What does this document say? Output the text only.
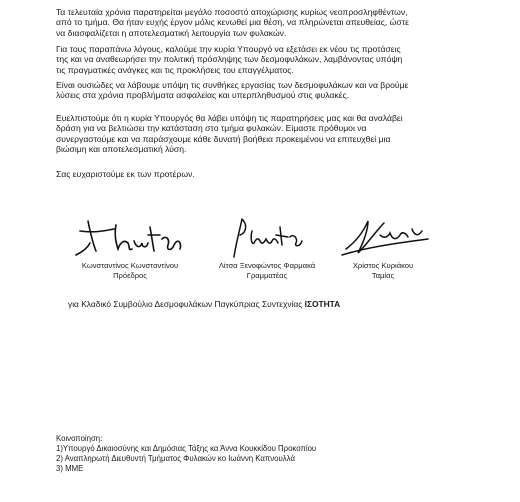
Τα τελευταία χρόνια παρατηρείται μεγάλο ποσοστό αποχώρισης κυρίως νεοπροσληφθέντων,
από το τμήμα. Θα ήταν ευχής έργον μόλις κενωθεί μια θέση, να πληρώνεται απευθείας, ώστε
να διασφαλίζεται η αποτελεσματική λειτουργία των φυλακών.

Για τους παραπάνω λόγους, καλούμε την κυρία Υπουργό να εξετάσει εκ νέου τις προτάσεις
της και να αναθεωρήσει την πολιτική πρόσληψης των δεσμοφυλάκων, λαμβάνοντας υπόψη
τις πραγματικές ανάγκες και τις προκλήσεις του επαγγέλματος.

Είναι ουσιώδες να λάβουμε υπόψη τις συνθήκες εργασίας των δεσμοφυλάκων και να βρούμε
λύσεις στα χρόνια προβλήματα ασφαλείας και υπερπληθυσμού στις φυλακές.

Ευελπιστούμε ότι η κυρία Υπουργός θα λάβει υπόψη τις παρατηρήσεις μας και θα αναλάβει
δράση για να βελτιώσει την κατάσταση στο τμήμα φυλακών. Είμαστε πρόθυμοι να
συνεργαστούμε και να παράσχουμε κάθε δυνατή βοήθεια προκειμένου να επιτευχθεί μια
βιώσιμη και αποτελεσματική λύση.

Σας ευχαριστούμε εκ των προτέρων.

Κωνσταντίνος Κωνσταντίνου
Πρόεδρος
Λίτσα Ξενοφώντος Φαρμακά
Γραμματέας
Χρίστος Κυριάκου
Ταμίας
για Κλαδικό Συμβούλιο Δεσμοφυλάκων Παγκύπριας Συντεχνίας ΙΣΟΤΗΤΑ
Κοινοποίηση:
1)Υπουργό Δικαιοσύνης και Δημόσιας Τάξης κα Άννα Κουκκίδου Προκοπίου
2) Αναπληρωτή Διευθυντή Τμήματος Φυλακών κο Ιωάννη Καπνουλλά
3) ΜΜΕ
